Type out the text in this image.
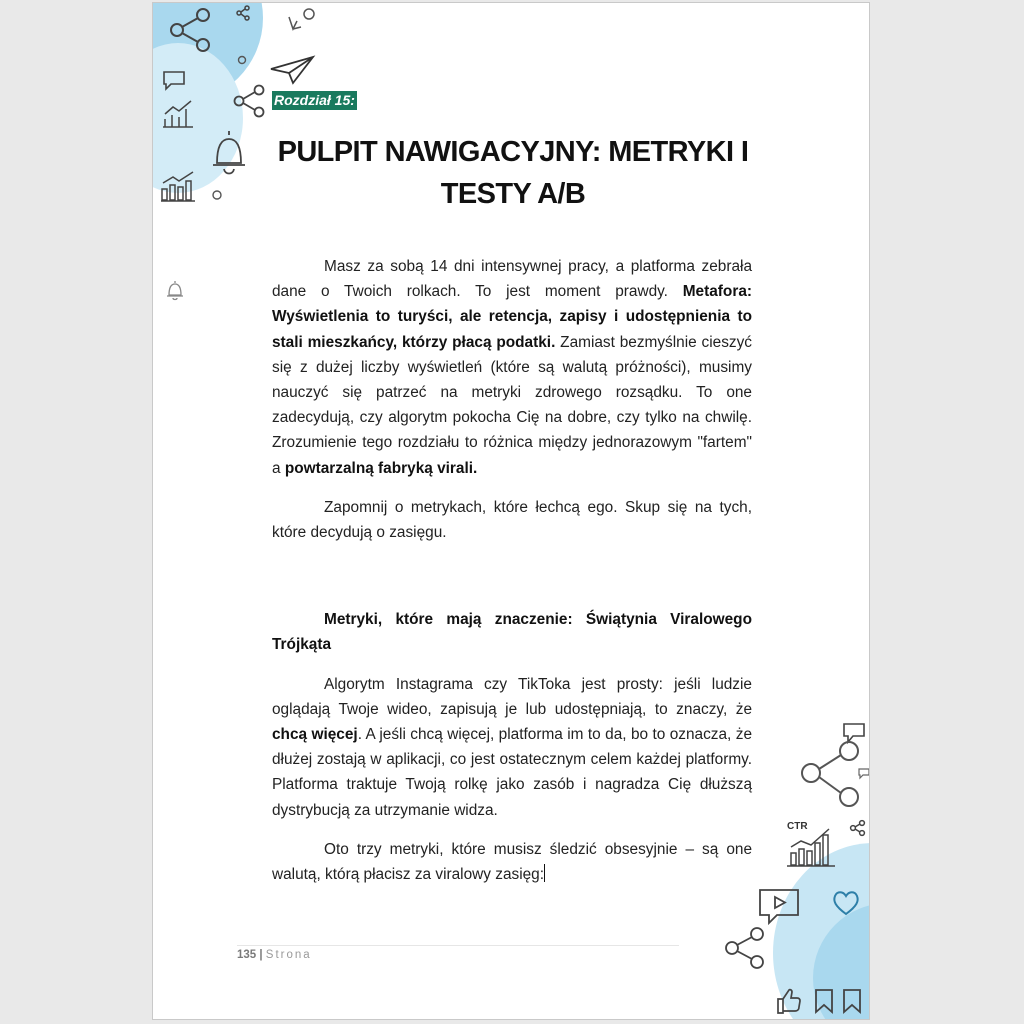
CTR
Rozdział 15:
PULPIT NAWIGACYJNY: METRYKI I TESTY A/B

Masz za sobą 14 dni intensywnej pracy, a platforma zebrała dane o Twoich rolkach. To jest moment prawdy. Metafora: Wyświetlenia to turyści, ale retencja, zapisy i udostępnienia to stali mieszkańcy, którzy płacą podatki. Zamiast bezmyślnie cieszyć się z dużej liczby wyświetleń (które są walutą próżności), musimy nauczyć się patrzeć na metryki zdrowego rozsądku. To one zadecydują, czy algorytm pokocha Cię na dobre, czy tylko na chwilę. Zrozumienie tego rozdziału to różnica między jednorazowym "fartem" a powtarzalną fabryką virali.

Zapomnij o metrykach, które łechcą ego. Skup się na tych, które decydują o zasięgu.

Metryki, które mają znaczenie: Świątynia Viralowego Trójkąta

Algorytm Instagrama czy TikToka jest prosty: jeśli ludzie oglądają Twoje wideo, zapisują je lub udostępniają, to znaczy, że chcą więcej. A jeśli chcą więcej, platforma im to da, bo to oznacza, że dłużej zostają w aplikacji, co jest ostatecznym celem każdej platformy. Platforma traktuje Twoją rolkę jako zasób i nagradza Cię dłuższą dystrybucją za utrzymanie widza.

Oto trzy metryki, które musisz śledzić obsesyjnie – są one walutą, którą płacisz za viralowy zasięg:

135 | Strona
